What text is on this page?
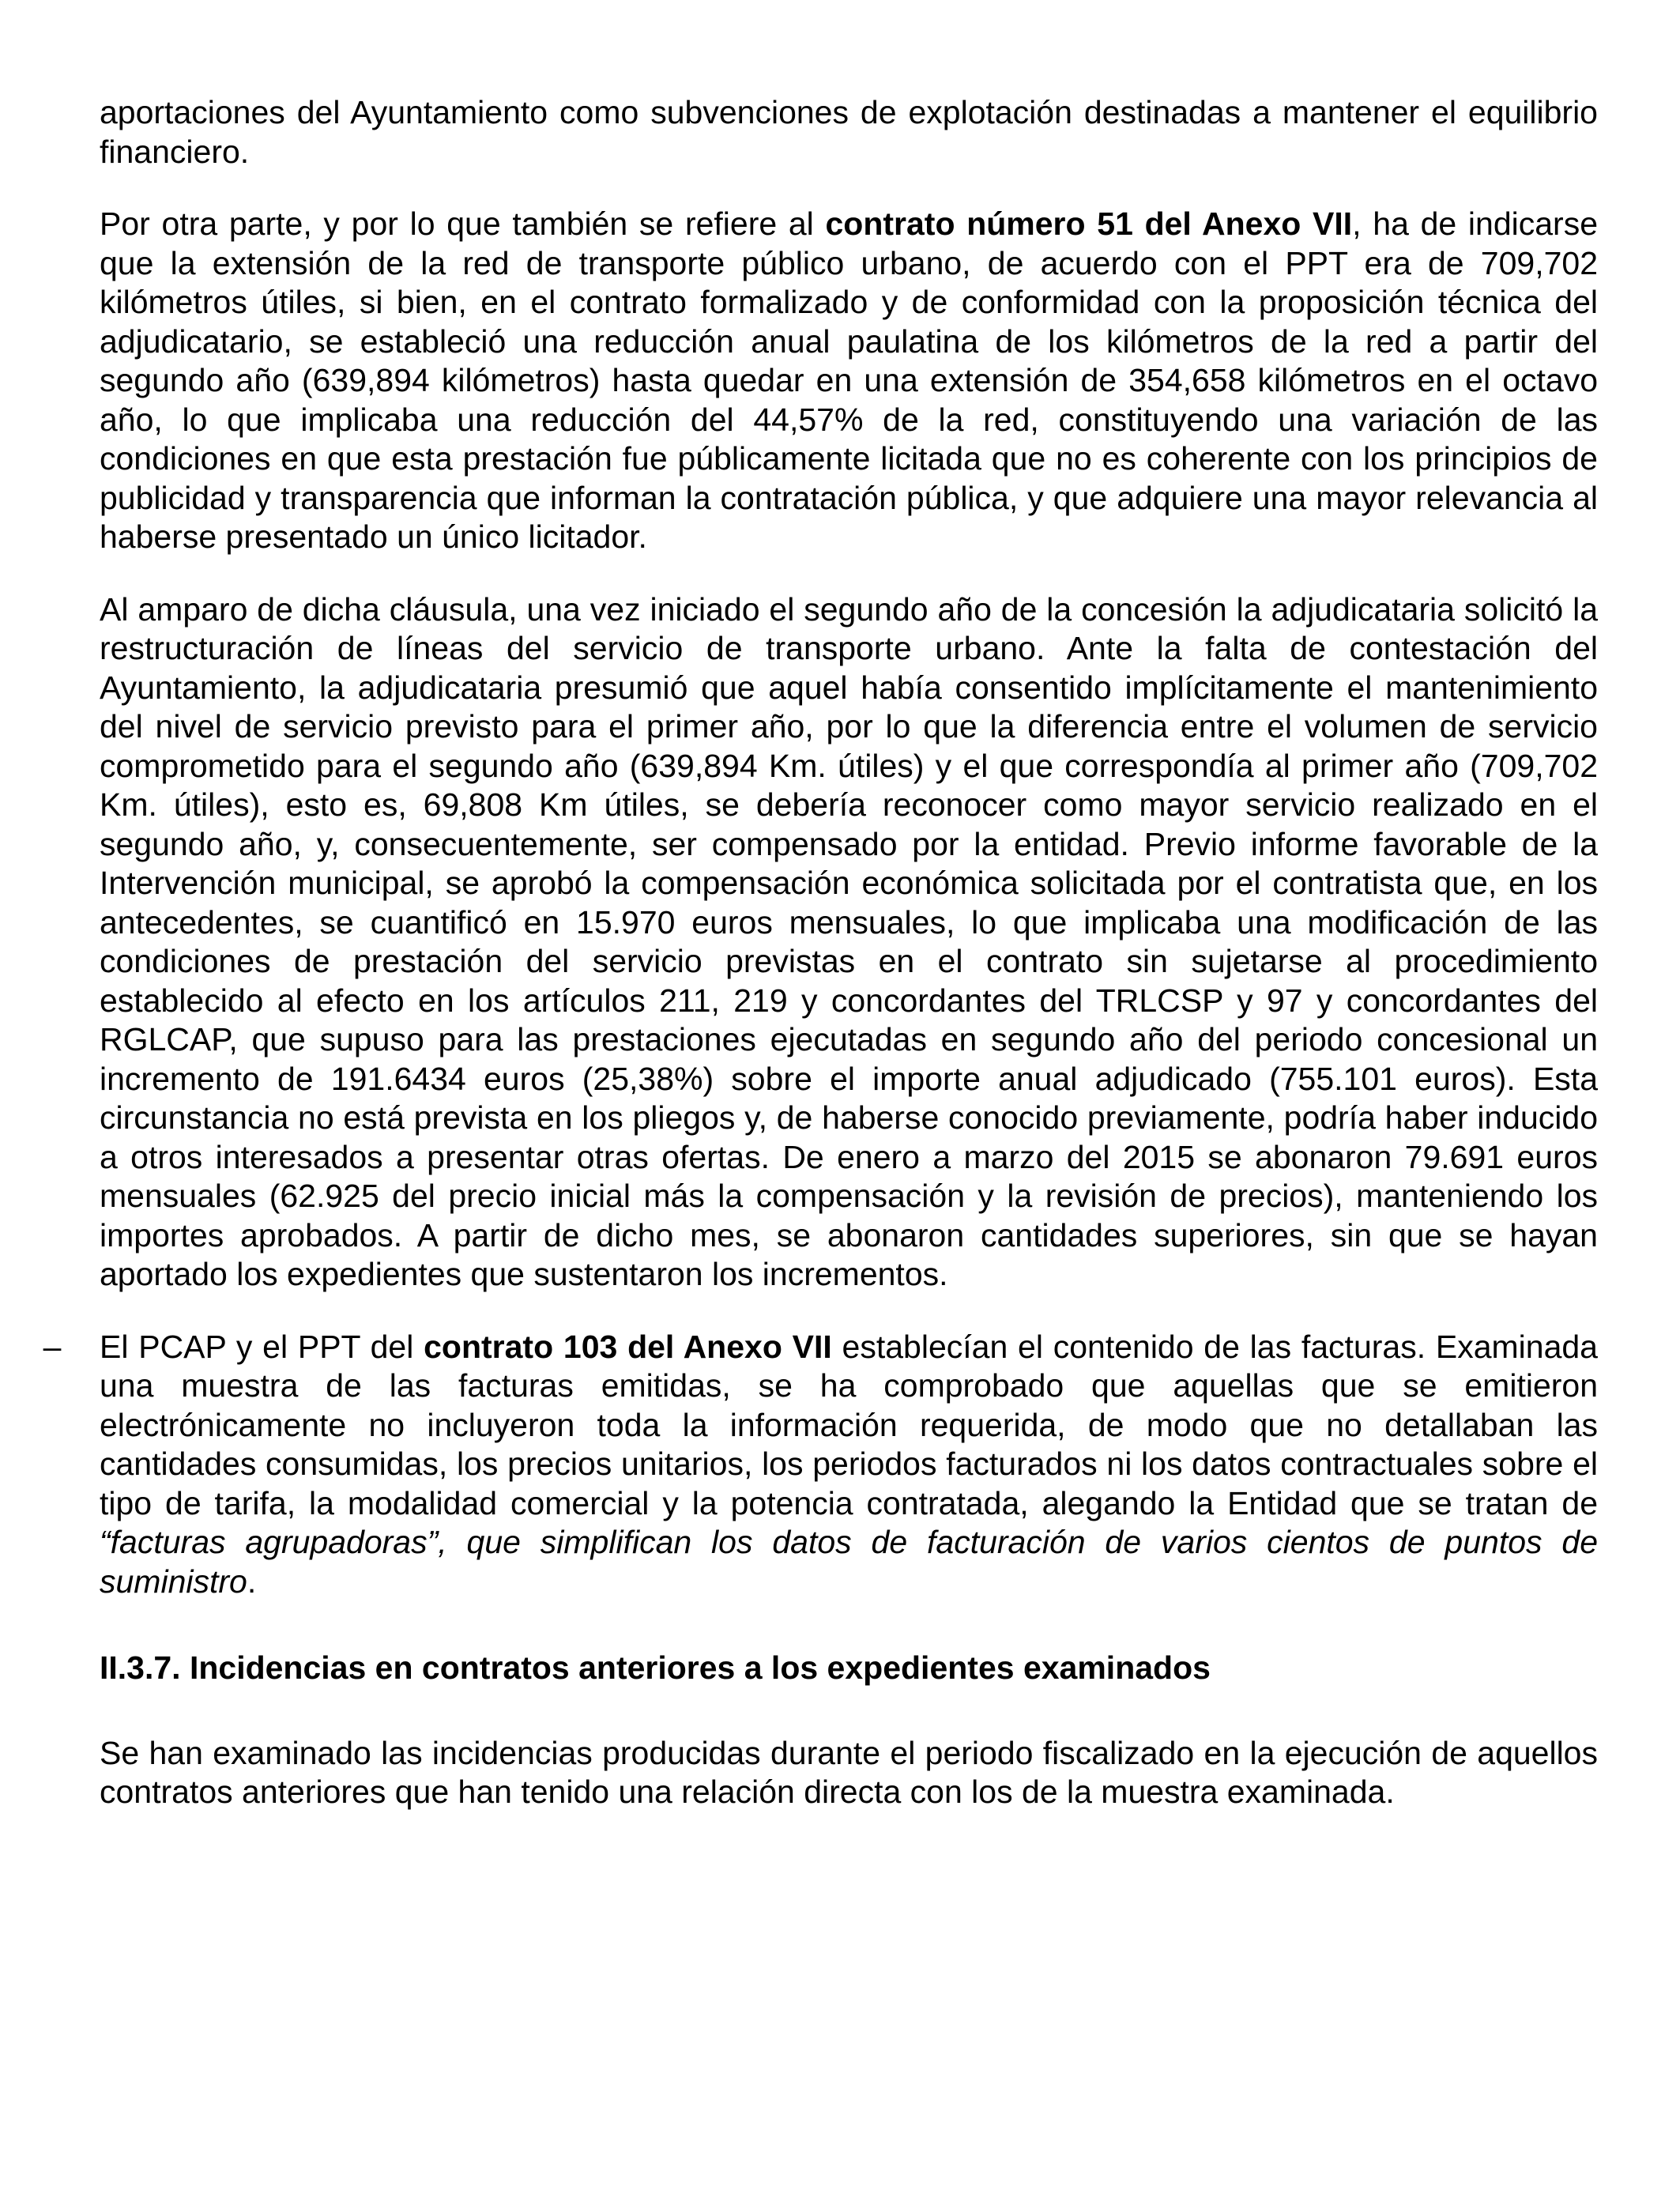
aportaciones del Ayuntamiento como subvenciones de explotación destinadas a mantener el equilibrio financiero.

Por otra parte, y por lo que también se refiere al contrato número 51 del Anexo VII, ha de indicarse que la extensión de la red de transporte público urbano, de acuerdo con el PPT era de 709,702 kilómetros útiles, si bien, en el contrato formalizado y de conformidad con la proposición técnica del adjudicatario, se estableció una reducción anual paulatina de los kilómetros de la red a partir del segundo año (639,894 kilómetros) hasta quedar en una extensión de 354,658 kilómetros en el octavo año, lo que implicaba una reducción del 44,57% de la red, constituyendo una variación de las condiciones en que esta prestación fue públicamente licitada que no es coherente con los principios de publicidad y transparencia que informan la contratación pública, y que adquiere una mayor relevancia al haberse presentado un único licitador.

Al amparo de dicha cláusula, una vez iniciado el segundo año de la concesión la adjudicataria solicitó la restructuración de líneas del servicio de transporte urbano. Ante la falta de contestación del Ayuntamiento, la adjudicataria presumió que aquel había consentido implícitamente el mantenimiento del nivel de servicio previsto para el primer año, por lo que la diferencia entre el volumen de servicio comprometido para el segundo año (639,894 Km. útiles) y el que correspondía al primer año (709,702 Km. útiles), esto es, 69,808 Km útiles, se debería reconocer como mayor servicio realizado en el segundo año, y, consecuentemente, ser compensado por la entidad. Previo informe favorable de la Intervención municipal, se aprobó la compensación económica solicitada por el contratista que, en los antecedentes, se cuantificó en 15.970 euros mensuales, lo que implicaba una modificación de las condiciones de prestación del servicio previstas en el contrato sin sujetarse al procedimiento establecido al efecto en los artículos 211, 219 y concordantes del TRLCSP y 97 y concordantes del RGLCAP, que supuso para las prestaciones ejecutadas en segundo año del periodo concesional un incremento de 191.6434 euros (25,38%) sobre el importe anual adjudicado (755.101 euros). Esta circunstancia no está prevista en los pliegos y, de haberse conocido previamente, podría haber inducido a otros interesados a presentar otras ofertas. De enero a marzo del 2015 se abonaron 79.691 euros mensuales (62.925 del precio inicial más la compensación y la revisión de precios), manteniendo los importes aprobados. A partir de dicho mes, se abonaron cantidades superiores, sin que se hayan aportado los expedientes que sustentaron los incrementos.

– El PCAP y el PPT del contrato 103 del Anexo VII establecían el contenido de las facturas. Examinada una muestra de las facturas emitidas, se ha comprobado que aquellas que se emitieron electrónicamente no incluyeron toda la información requerida, de modo que no detallaban las cantidades consumidas, los precios unitarios, los periodos facturados ni los datos contractuales sobre el tipo de tarifa, la modalidad comercial y la potencia contratada, alegando la Entidad que se tratan de “facturas agrupadoras”, que simplifican los datos de facturación de varios cientos de puntos de suministro.

II.3.7. Incidencias en contratos anteriores a los expedientes examinados

Se han examinado las incidencias producidas durante el periodo fiscalizado en la ejecución de aquellos contratos anteriores que han tenido una relación directa con los de la muestra examinada.
